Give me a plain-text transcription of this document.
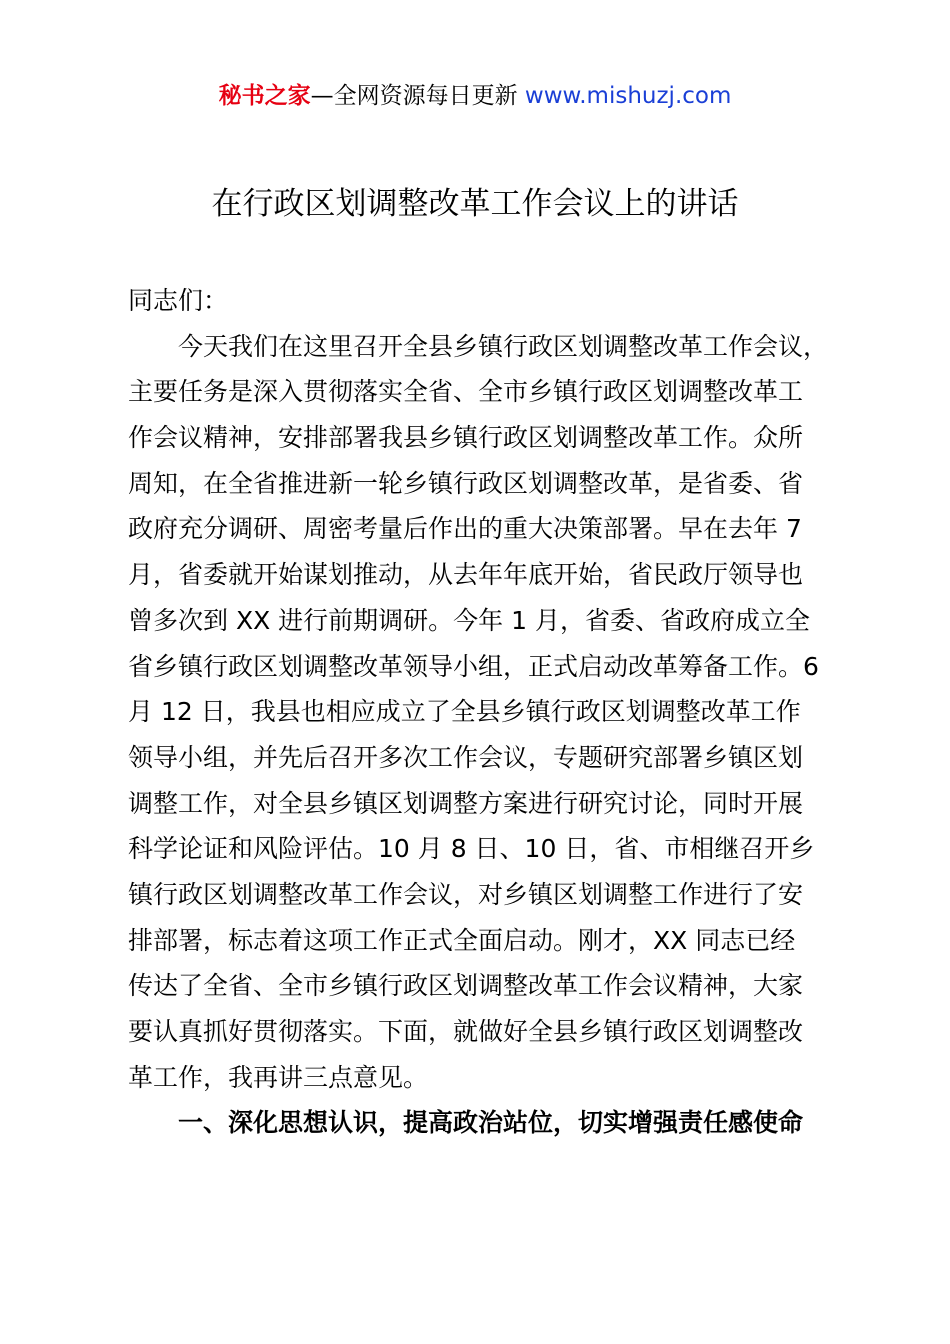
秘书之家—全网资源每日更新 www.mishuzj.com
在行政区划调整改革工作会议上的讲话
同志们：
今天我们在这里召开全县乡镇行政区划调整改革工作会议，
主要任务是深入贯彻落实全省、全市乡镇行政区划调整改革工
作会议精神，安排部署我县乡镇行政区划调整改革工作。众所
周知，在全省推进新一轮乡镇行政区划调整改革，是省委、省
政府充分调研、周密考量后作出的重大决策部署。早在去年 7
月，省委就开始谋划推动，从去年年底开始，省民政厅领导也
曾多次到 XX 进行前期调研。今年 1 月，省委、省政府成立全
省乡镇行政区划调整改革领导小组，正式启动改革筹备工作。6
月 12 日，我县也相应成立了全县乡镇行政区划调整改革工作
领导小组，并先后召开多次工作会议，专题研究部署乡镇区划
调整工作，对全县乡镇区划调整方案进行研究讨论，同时开展
科学论证和风险评估。10 月 8 日、10 日，省、市相继召开乡
镇行政区划调整改革工作会议，对乡镇区划调整工作进行了安
排部署，标志着这项工作正式全面启动。刚才，XX 同志已经
传达了全省、全市乡镇行政区划调整改革工作会议精神，大家
要认真抓好贯彻落实。下面，就做好全县乡镇行政区划调整改
革工作，我再讲三点意见。
一、深化思想认识，提高政治站位，切实增强责任感使命
